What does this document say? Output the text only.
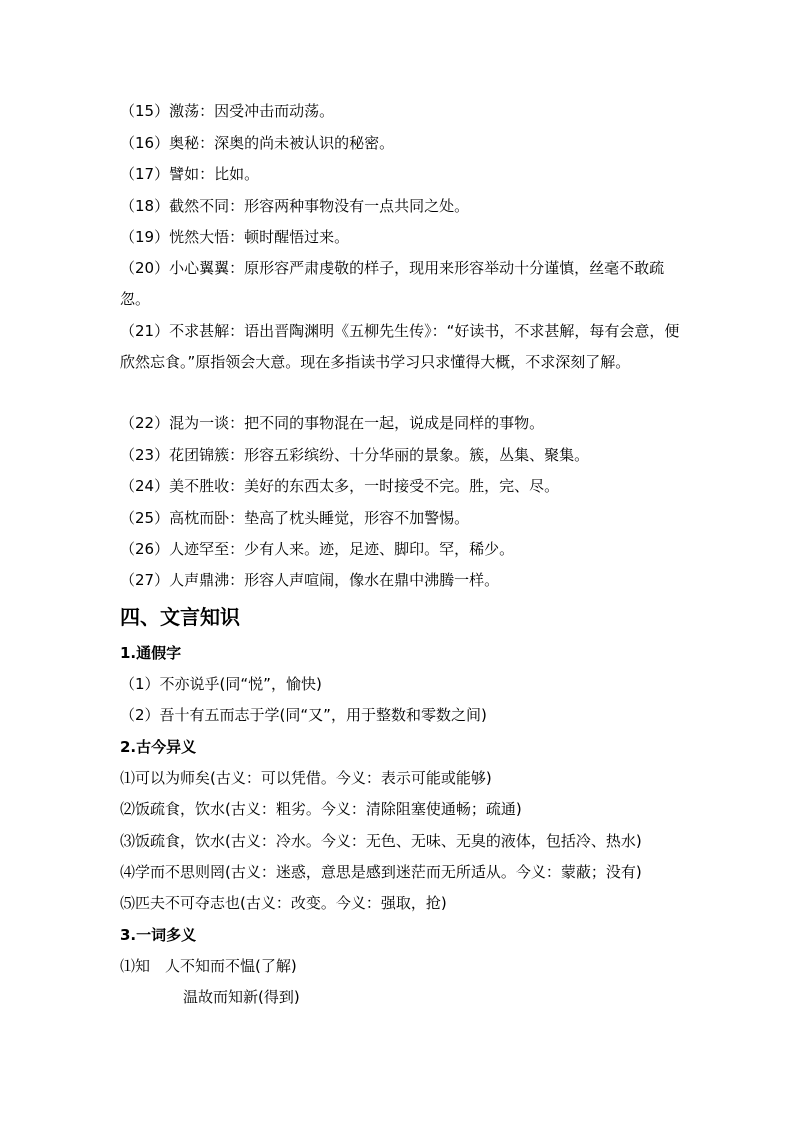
（15）激荡：因受冲击而动荡。
（16）奥秘：深奥的尚未被认识的秘密。
（17）譬如：比如。
（18）截然不同：形容两种事物没有一点共同之处。
（19）恍然大悟：顿时醒悟过来。
（20）小心翼翼：原形容严肃虔敬的样子，现用来形容举动十分谨慎，丝毫不敢疏忽。
（21）不求甚解：语出晋陶渊明《五柳先生传》：“好读书，不求甚解，每有会意，便欣然忘食。”原指领会大意。现在多指读书学习只求懂得大概，不求深刻了解。
（22）混为一谈：把不同的事物混在一起，说成是同样的事物。
（23）花团锦簇：形容五彩缤纷、十分华丽的景象。簇，丛集、聚集。
（24）美不胜收：美好的东西太多，一时接受不完。胜，完、尽。
（25）高枕而卧：垫高了枕头睡觉，形容不加警惕。
（26）人迹罕至：少有人来。迹，足迹、脚印。罕，稀少。
（27）人声鼎沸：形容人声喧闹，像水在鼎中沸腾一样。
四、文言知识
1.通假字
（1）不亦说乎(同“悦”，愉快)
（2）吾十有五而志于学(同“又”，用于整数和零数之间)
2.古今异义
⑴可以为师矣(古义：可以凭借。今义：表示可能或能够)
⑵饭疏食，饮水(古义：粗劣。今义：清除阻塞使通畅；疏通)
⑶饭疏食，饮水(古义：冷水。今义：无色、无味、无臭的液体，包括冷、热水)
⑷学而不思则罔(古义：迷惑，意思是感到迷茫而无所适从。今义：蒙蔽；没有)
⑸匹夫不可夺志也(古义：改变。今义：强取，抢)
3.一词多义
⑴知　人不知而不愠(了解)
温故而知新(得到)
